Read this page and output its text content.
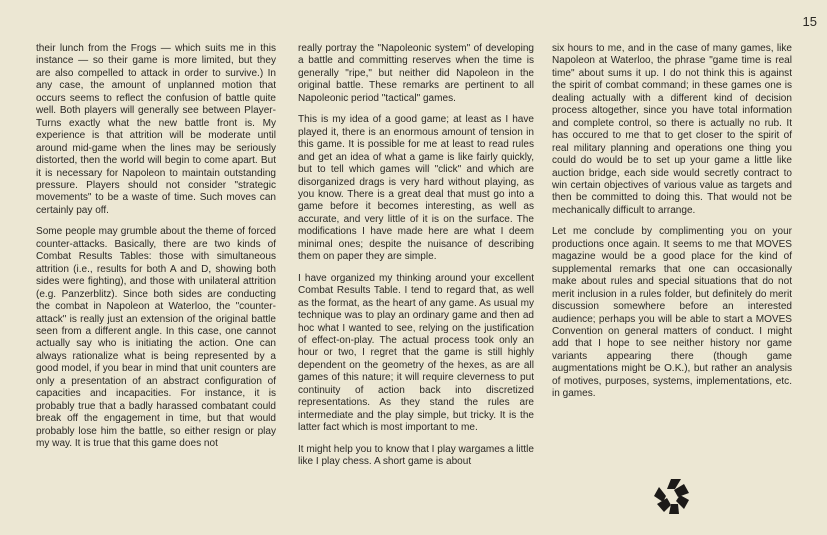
15

their lunch from the Frogs — which suits me in this instance — so their game is more limited, but they are also compelled to attack in order to survive.) In any case, the amount of unplanned motion that occurs seems to reflect the confusion of battle quite well. Both players will generally see between Player-Turns exactly what the new battle front is. My experience is that attrition will be moderate until around mid-game when the lines may be seriously distorted, then the world will begin to come apart. But it is necessary for Napoleon to maintain outstanding pressure. Players should not consider "strategic movements" to be a waste of time. Such moves can certainly pay off.

Some people may grumble about the theme of forced counter-attacks. Basically, there are two kinds of Combat Results Tables: those with simultaneous attrition (i.e., results for both A and D, showing both sides were fighting), and those with unilateral attrition (e.g. Panzerblitz). Since both sides are conducting the combat in Napoleon at Waterloo, the "counter-attack" is really just an extension of the original battle seen from a different angle. In this case, one cannot actually say who is initiating the action. One can always rationalize what is being represented by a good model, if you bear in mind that unit counters are only a presentation of an abstract configuration of capacities and incapacities. For instance, it is probably true that a badly harassed combatant could break off the engagement in time, but that would probably lose him the battle, so either resign or play my way. It is true that this game does not

really portray the "Napoleonic system" of developing a battle and committing reserves when the time is generally "ripe," but neither did Napoleon in the original battle. These remarks are pertinent to all Napoleonic period "tactical" games.

This is my idea of a good game; at least as I have played it, there is an enormous amount of tension in this game. It is possible for me at least to read rules and get an idea of what a game is like fairly quickly, but to tell which games will "click" and which are disorganized drags is very hard without playing, as you know. There is a great deal that must go into a game before it becomes interesting, as well as accurate, and very little of it is on the surface. The modifications I have made here are what I deem minimal ones; despite the nuisance of describing them on paper they are simple.

I have organized my thinking around your excellent Combat Results Table. I tend to regard that, as well as the format, as the heart of any game. As usual my technique was to play an ordinary game and then ad hoc what I wanted to see, relying on the justification of effect-on-play. The actual process took only an hour or two, I regret that the game is still highly dependent on the geometry of the hexes, as are all games of this nature; it will require cleverness to put continuity of action back into discretized representations. As they stand the rules are intermediate and the play simple, but tricky. It is the latter fact which is most important to me.

It might help you to know that I play wargames a little like I play chess. A short game is about

six hours to me, and in the case of many games, like Napoleon at Waterloo, the phrase "game time is real time" about sums it up. I do not think this is against the spirit of combat command; in these games one is dealing actually with a different kind of decision process altogether, since you have total information and complete control, so there is actually no rub. It has occured to me that to get closer to the spirit of real military planning and operations one thing you could do would be to set up your game a little like auction bridge, each side would secretly contract to win certain objectives of various value as targets and then be committed to doing this. That would not be mechanically difficult to arrange.

Let me conclude by complimenting you on your productions once again. It seems to me that MOVES magazine would be a good place for the kind of supplemental remarks that one can occasionally make about rules and special situations that do not merit inclusion in a rules folder, but definitely do merit discussion somewhere before an interested audience; perhaps you will be able to start a MOVES Convention on general matters of conduct. I might add that I hope to see neither history nor game variants appearing there (though game augmentations might be O.K.), but rather an analysis of motives, purposes, systems, implementations, etc. in games.
